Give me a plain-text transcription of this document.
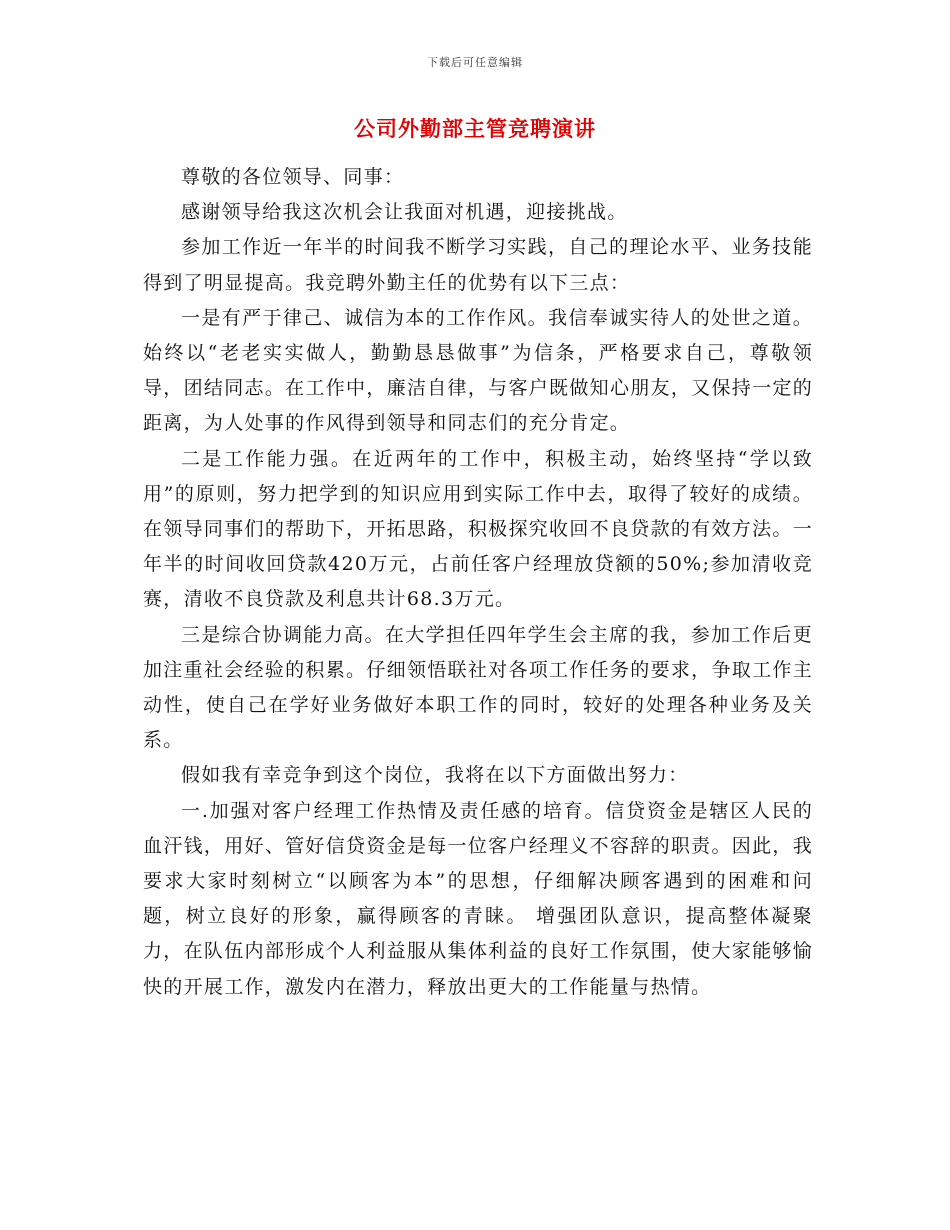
下载后可任意编辑
公司外勤部主管竞聘演讲

尊敬的各位领导、同事：

感谢领导给我这次机会让我面对机遇，迎接挑战。

参加工作近一年半的时间我不断学习实践，自己的理论水平、业务技能得到了明显提高。我竞聘外勤主任的优势有以下三点：

一是有严于律己、诚信为本的工作作风。我信奉诚实待人的处世之道。始终以“老老实实做人，勤勤恳恳做事”为信条，严格要求自己，尊敬领导，团结同志。在工作中，廉洁自律，与客户既做知心朋友，又保持一定的距离，为人处事的作风得到领导和同志们的充分肯定。

二是工作能力强。在近两年的工作中，积极主动，始终坚持“学以致用”的原则，努力把学到的知识应用到实际工作中去，取得了较好的成绩。在领导同事们的帮助下，开拓思路，积极探究收回不良贷款的有效方法。一年半的时间收回贷款420万元，占前任客户经理放贷额的50%;参加清收竞赛，清收不良贷款及利息共计68.3万元。

三是综合协调能力高。在大学担任四年学生会主席的我，参加工作后更加注重社会经验的积累。仔细领悟联社对各项工作任务的要求，争取工作主动性，使自己在学好业务做好本职工作的同时，较好的处理各种业务及关系。

假如我有幸竞争到这个岗位，我将在以下方面做出努力：

一.加强对客户经理工作热情及责任感的培育。信贷资金是辖区人民的血汗钱，用好、管好信贷资金是每一位客户经理义不容辞的职责。因此，我要求大家时刻树立“以顾客为本”的思想，仔细解决顾客遇到的困难和问题，树立良好的形象，赢得顾客的青睐。 增强团队意识，提高整体凝聚力，在队伍内部形成个人利益服从集体利益的良好工作氛围，使大家能够愉快的开展工作，激发内在潜力，释放出更大的工作能量与热情。
